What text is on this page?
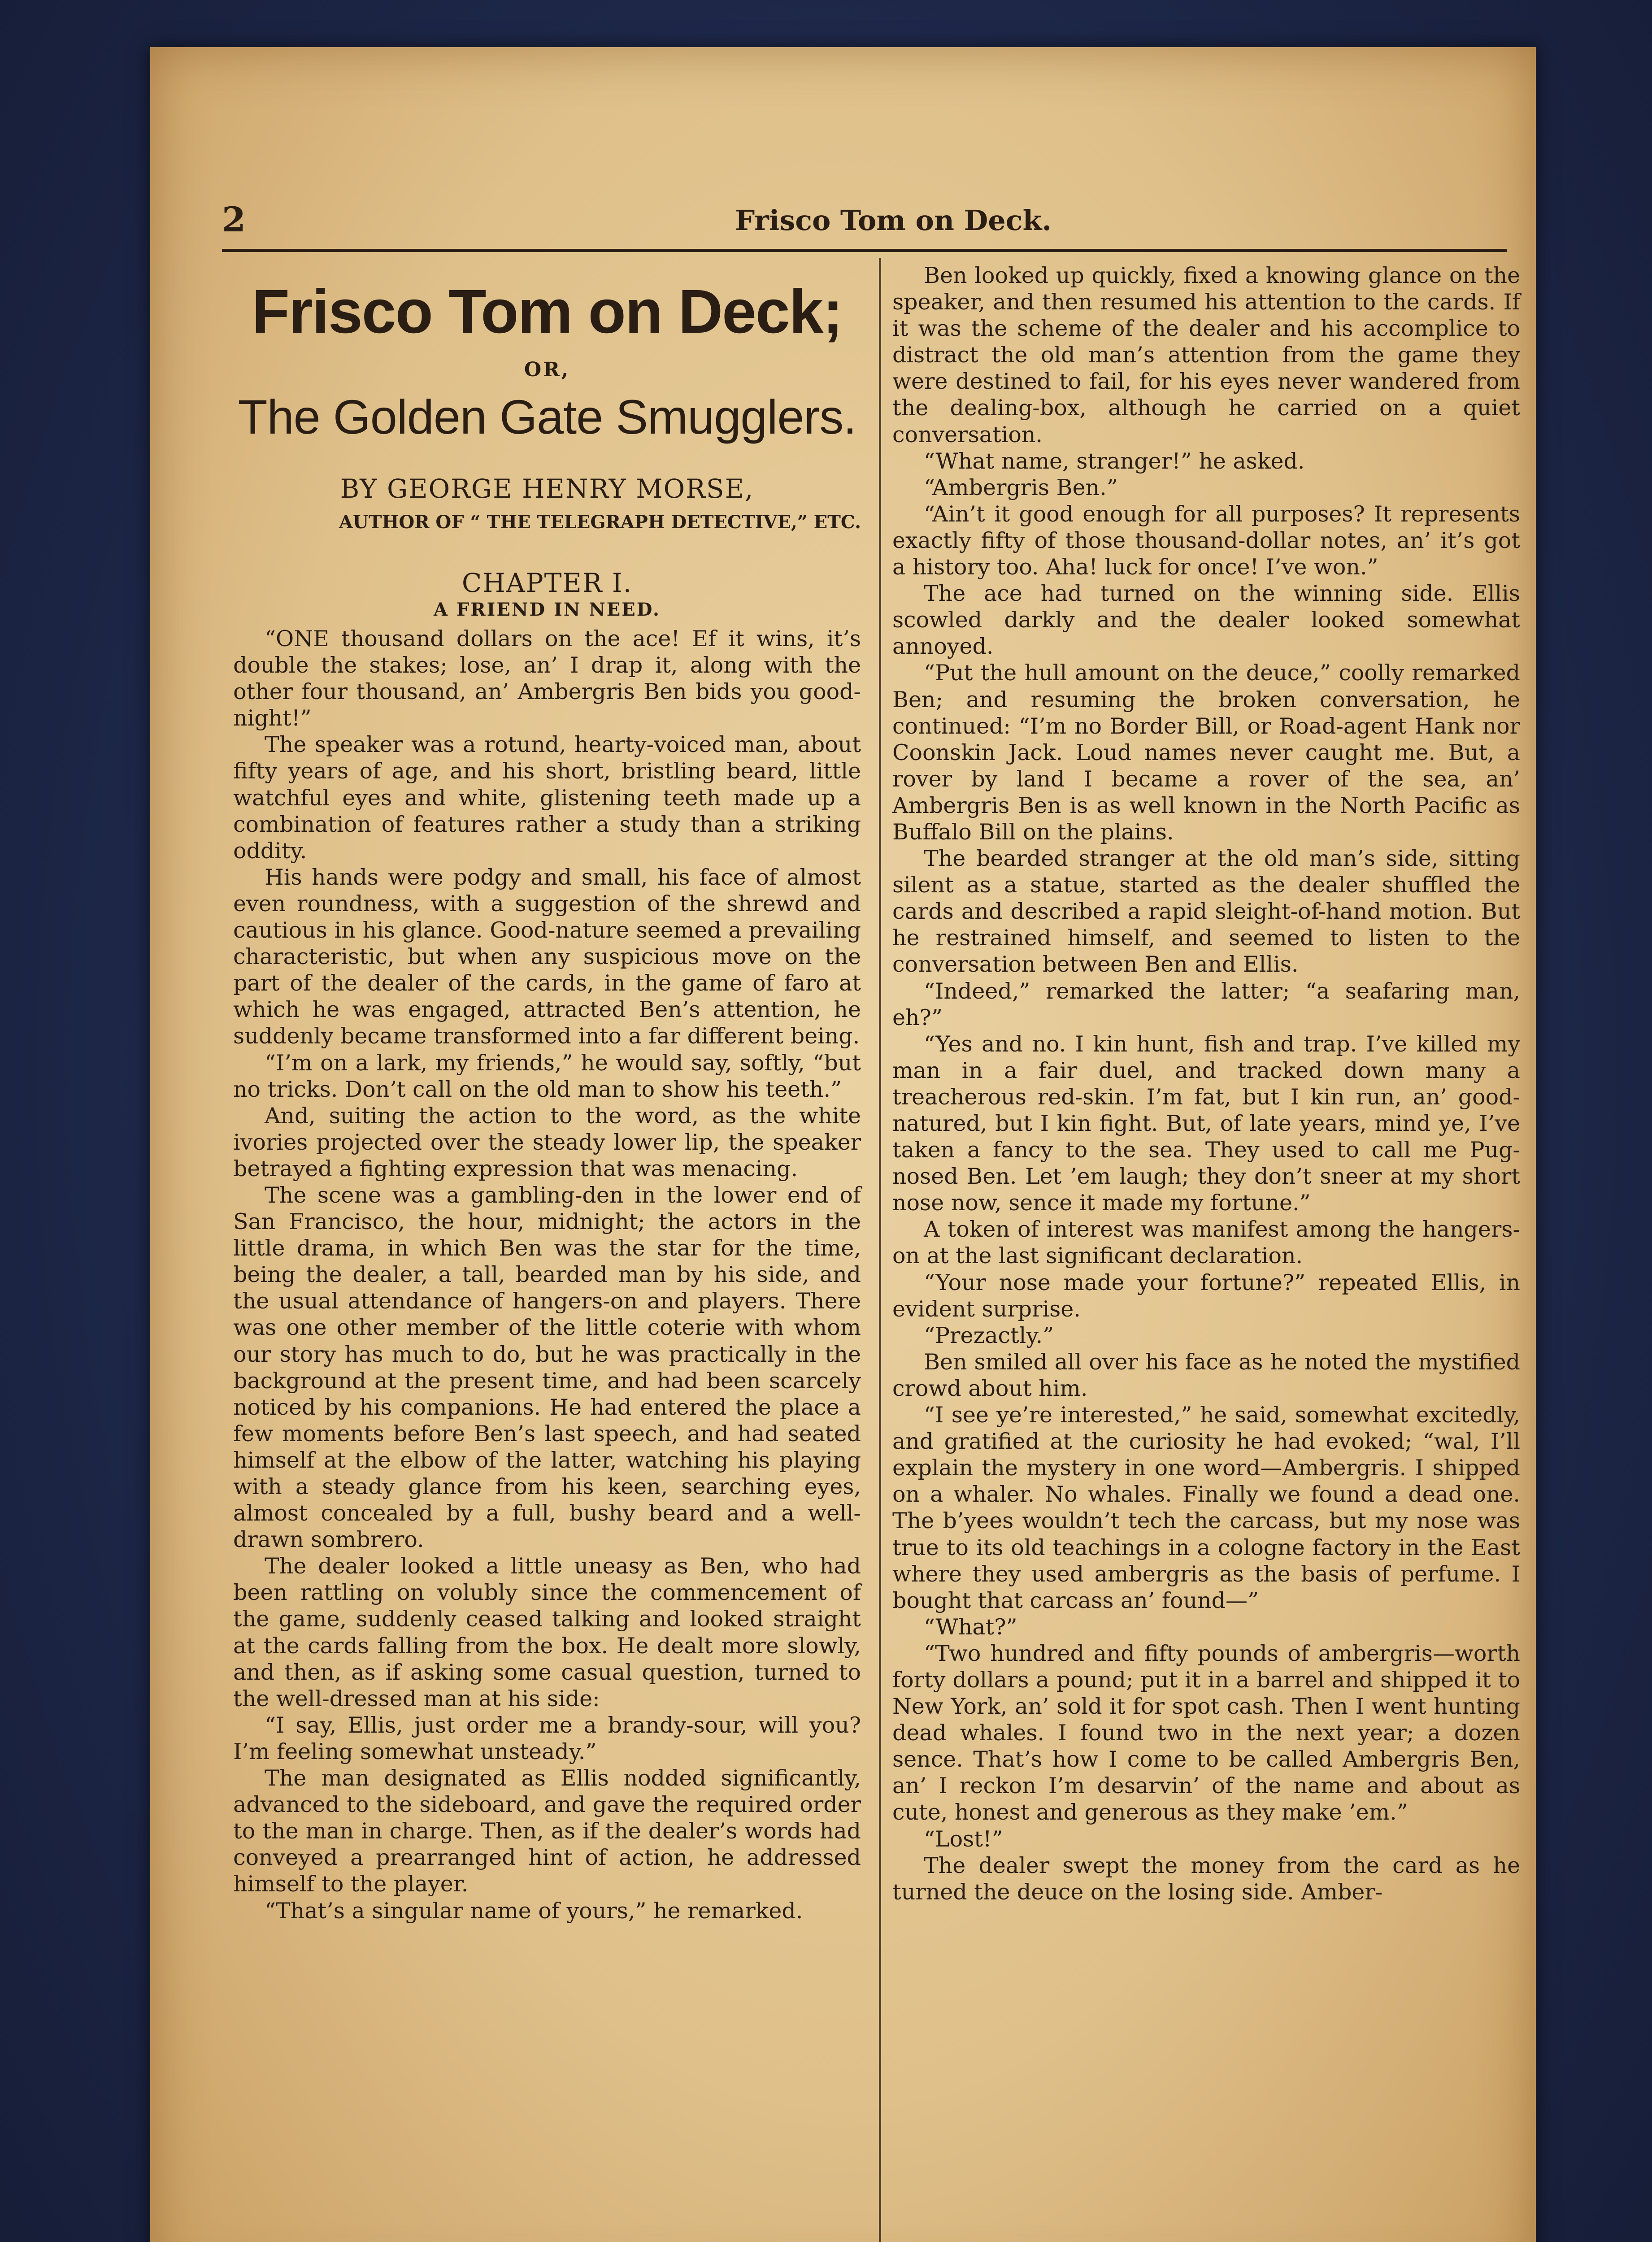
2	Frisco Tom on Deck.
Frisco Tom on Deck;
OR,
The Golden Gate Smugglers.
BY GEORGE HENRY MORSE,
AUTHOR OF “ THE TELEGRAPH DETECTIVE,” ETC.
CHAPTER I.
A FRIEND IN NEED.

“ONE thousand dollars on the ace! Ef it wins, it’s double the stakes; lose, an’ I drap it, along with the other four thousand, an’ Ambergris Ben bids you good-night!”

The speaker was a rotund, hearty-voiced man, about fifty years of age, and his short, bristling beard, little watchful eyes and white, glistening teeth made up a combination of features rather a study than a striking oddity.

His hands were podgy and small, his face of almost even roundness, with a suggestion of the shrewd and cautious in his glance. Good-nature seemed a prevailing characteristic, but when any suspicious move on the part of the dealer of the cards, in the game of faro at which he was engaged, attracted Ben’s attention, he suddenly became transformed into a far different being.

“I’m on a lark, my friends,” he would say, softly, “but no tricks. Don’t call on the old man to show his teeth.”

And, suiting the action to the word, as the white ivories projected over the steady lower lip, the speaker betrayed a fighting expression that was menacing.

The scene was a gambling-den in the lower end of San Francisco, the hour, midnight; the actors in the little drama, in which Ben was the star for the time, being the dealer, a tall, bearded man by his side, and the usual attendance of hangers-on and players. There was one other member of the little coterie with whom our story has much to do, but he was practically in the background at the present time, and had been scarcely noticed by his companions. He had entered the place a few moments before Ben’s last speech, and had seated himself at the elbow of the latter, watching his playing with a steady glance from his keen, searching eyes, almost concealed by a full, bushy beard and a well-drawn sombrero.

The dealer looked a little uneasy as Ben, who had been rattling on volubly since the commencement of the game, suddenly ceased talking and looked straight at the cards falling from the box. He dealt more slowly, and then, as if asking some casual question, turned to the well-dressed man at his side:

“I say, Ellis, just order me a brandy-sour, will you? I’m feeling somewhat unsteady.”

The man designated as Ellis nodded significantly, advanced to the sideboard, and gave the required order to the man in charge. Then, as if the dealer’s words had conveyed a prearranged hint of action, he addressed himself to the player.

“That’s a singular name of yours,” he remarked.

Ben looked up quickly, fixed a knowing glance on the speaker, and then resumed his attention to the cards. If it was the scheme of the dealer and his accomplice to distract the old man’s attention from the game they were destined to fail, for his eyes never wandered from the dealing-box, although he carried on a quiet conversation.

“What name, stranger!” he asked.

“Ambergris Ben.”

“Ain’t it good enough for all purposes? It represents exactly fifty of those thousand-dollar notes, an’ it’s got a history too. Aha! luck for once! I’ve won.”

The ace had turned on the winning side. Ellis scowled darkly and the dealer looked somewhat annoyed.

“Put the hull amount on the deuce,” coolly remarked Ben; and resuming the broken conversation, he continued: “I’m no Border Bill, or Road-agent Hank nor Coonskin Jack. Loud names never caught me. But, a rover by land I became a rover of the sea, an’ Ambergris Ben is as well known in the North Pacific as Buffalo Bill on the plains.

The bearded stranger at the old man’s side, sitting silent as a statue, started as the dealer shuffled the cards and described a rapid sleight-of-hand motion. But he restrained himself, and seemed to listen to the conversation between Ben and Ellis.

“Indeed,” remarked the latter; “a seafaring man, eh?”

“Yes and no. I kin hunt, fish and trap. I’ve killed my man in a fair duel, and tracked down many a treacherous red-skin. I’m fat, but I kin run, an’ good-natured, but I kin fight. But, of late years, mind ye, I’ve taken a fancy to the sea. They used to call me Pug-nosed Ben. Let ’em laugh; they don’t sneer at my short nose now, sence it made my fortune.”

A token of interest was manifest among the hangers-on at the last significant declaration.

“Your nose made your fortune?” repeated Ellis, in evident surprise.

“Prezactly.”

Ben smiled all over his face as he noted the mystified crowd about him.

“I see ye’re interested,” he said, somewhat excitedly, and gratified at the curiosity he had evoked; “wal, I’ll explain the mystery in one word—Ambergris. I shipped on a whaler. No whales. Finally we found a dead one. The b’yees wouldn’t tech the carcass, but my nose was true to its old teachings in a cologne factory in the East where they used ambergris as the basis of perfume. I bought that carcass an’ found—”

“What?”

“Two hundred and fifty pounds of ambergris—worth forty dollars a pound; put it in a barrel and shipped it to New York, an’ sold it for spot cash. Then I went hunting dead whales. I found two in the next year; a dozen sence. That’s how I come to be called Ambergris Ben, an’ I reckon I’m desarvin’ of the name and about as cute, honest and generous as they make ’em.”

“Lost!”

The dealer swept the money from the card as he turned the deuce on the losing side. Amber-
